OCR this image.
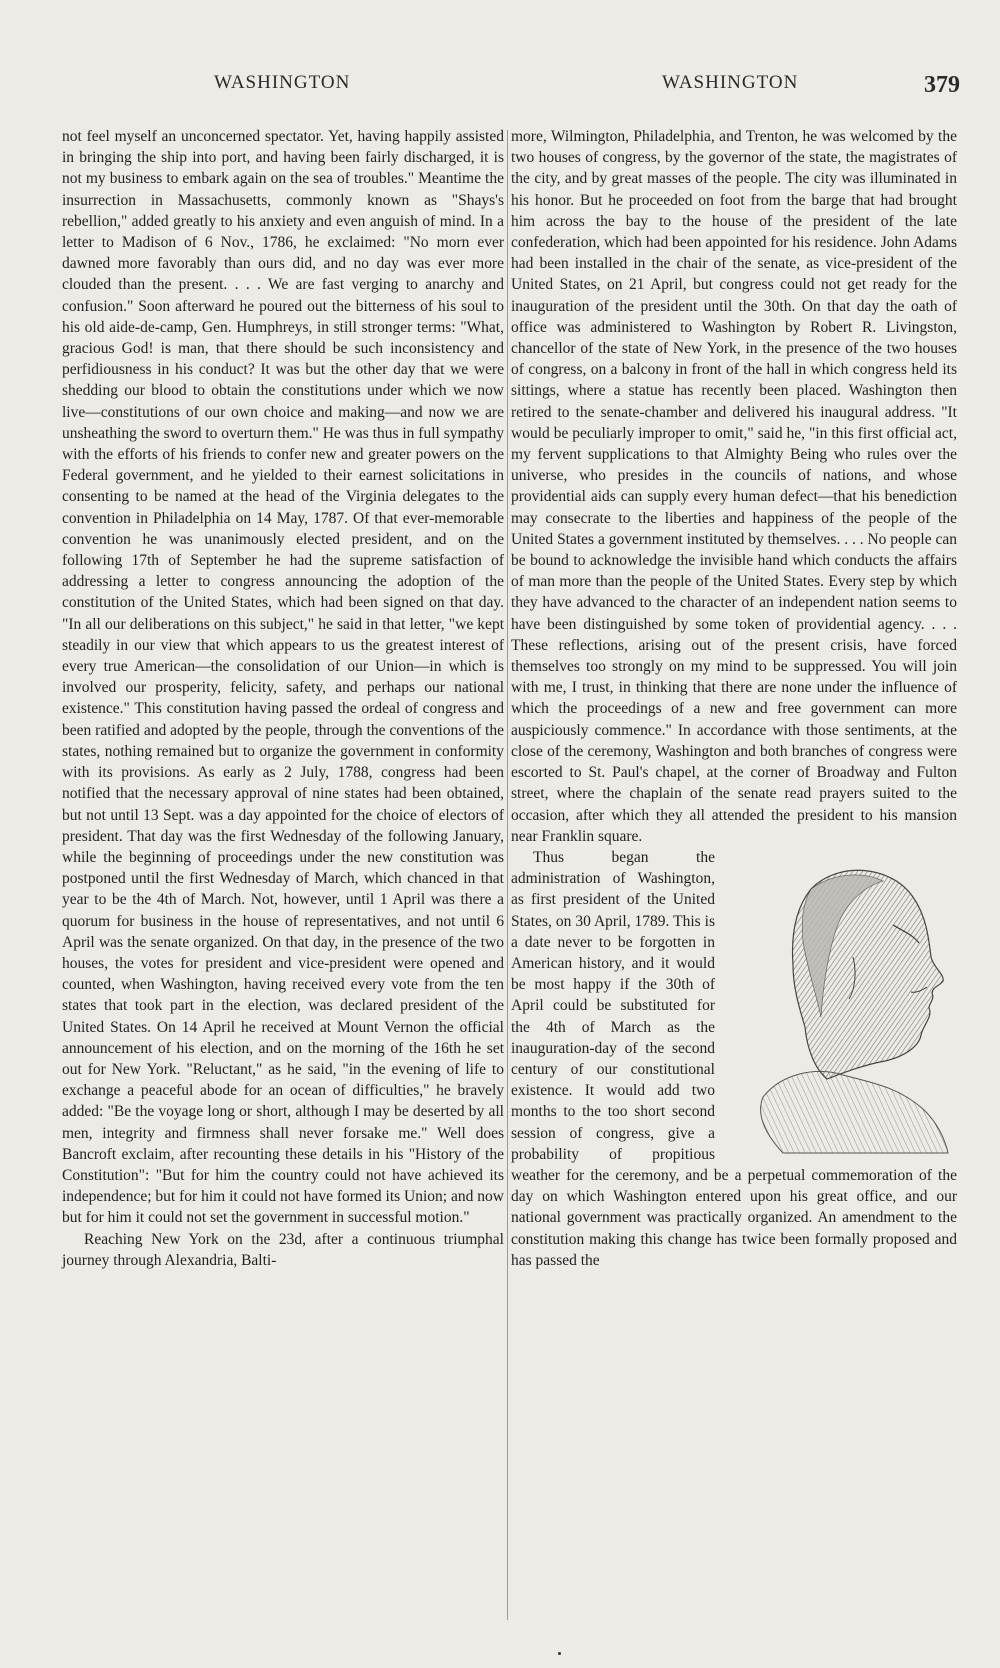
WASHINGTON	WASHINGTON	379

not feel myself an unconcerned spectator. Yet, having happily assisted in bringing the ship into port, and having been fairly discharged, it is not my business to embark again on the sea of troubles." Meantime the insurrection in Massachusetts, commonly known as "Shays's rebellion," added greatly to his anxiety and even anguish of mind. In a letter to Madison of 6 Nov., 1786, he exclaimed: "No morn ever dawned more favorably than ours did, and no day was ever more clouded than the present. . . . We are fast verging to anarchy and confusion." Soon afterward he poured out the bitterness of his soul to his old aide-de-camp, Gen. Humphreys, in still stronger terms: "What, gracious God! is man, that there should be such inconsistency and perfidiousness in his conduct? It was but the other day that we were shedding our blood to obtain the constitutions under which we now live—constitutions of our own choice and making—and now we are unsheathing the sword to overturn them." He was thus in full sympathy with the efforts of his friends to confer new and greater powers on the Federal government, and he yielded to their earnest solicitations in consenting to be named at the head of the Virginia delegates to the convention in Philadelphia on 14 May, 1787. Of that ever-memorable convention he was unanimously elected president, and on the following 17th of September he had the supreme satisfaction of addressing a letter to congress announcing the adoption of the constitution of the United States, which had been signed on that day. "In all our deliberations on this subject," he said in that letter, "we kept steadily in our view that which appears to us the greatest interest of every true American—the consolidation of our Union—in which is involved our prosperity, felicity, safety, and perhaps our national existence." This constitution having passed the ordeal of congress and been ratified and adopted by the people, through the conventions of the states, nothing remained but to organize the government in conformity with its provisions. As early as 2 July, 1788, congress had been notified that the necessary approval of nine states had been obtained, but not until 13 Sept. was a day appointed for the choice of electors of president. That day was the first Wednesday of the following January, while the beginning of proceedings under the new constitution was postponed until the first Wednesday of March, which chanced in that year to be the 4th of March. Not, however, until 1 April was there a quorum for business in the house of representatives, and not until 6 April was the senate organized. On that day, in the presence of the two houses, the votes for president and vice-president were opened and counted, when Washington, having received every vote from the ten states that took part in the election, was declared president of the United States. On 14 April he received at Mount Vernon the official announcement of his election, and on the morning of the 16th he set out for New York. "Reluctant," as he said, "in the evening of life to exchange a peaceful abode for an ocean of difficulties," he bravely added: "Be the voyage long or short, although I may be deserted by all men, integrity and firmness shall never forsake me." Well does Bancroft exclaim, after recounting these details in his "History of the Constitution": "But for him the country could not have achieved its independence; but for him it could not have formed its Union; and now but for him it could not set the government in successful motion."

Reaching New York on the 23d, after a continuous triumphal journey through Alexandria, Balti-

more, Wilmington, Philadelphia, and Trenton, he was welcomed by the two houses of congress, by the governor of the state, the magistrates of the city, and by great masses of the people. The city was illuminated in his honor. But he proceeded on foot from the barge that had brought him across the bay to the house of the president of the late confederation, which had been appointed for his residence. John Adams had been installed in the chair of the senate, as vice-president of the United States, on 21 April, but congress could not get ready for the inauguration of the president until the 30th. On that day the oath of office was administered to Washington by Robert R. Livingston, chancellor of the state of New York, in the presence of the two houses of congress, on a balcony in front of the hall in which congress held its sittings, where a statue has recently been placed. Washington then retired to the senate-chamber and delivered his inaugural address. "It would be peculiarly improper to omit," said he, "in this first official act, my fervent supplications to that Almighty Being who rules over the universe, who presides in the councils of nations, and whose providential aids can supply every human defect—that his benediction may consecrate to the liberties and happiness of the people of the United States a government instituted by themselves. . . . No people can be bound to acknowledge the invisible hand which conducts the affairs of man more than the people of the United States. Every step by which they have advanced to the character of an independent nation seems to have been distinguished by some token of providential agency. . . . These reflections, arising out of the present crisis, have forced themselves too strongly on my mind to be suppressed. You will join with me, I trust, in thinking that there are none under the influence of which the proceedings of a new and free government can more auspiciously commence." In accordance with those sentiments, at the close of the ceremony, Washington and both branches of congress were escorted to St. Paul's chapel, at the corner of Broadway and Fulton street, where the chaplain of the senate read prayers suited to the occasion, after which they all attended the president to his mansion near Franklin square.

Thus began the administration of Washington, as first president of the United States, on 30 April, 1789. This is a date never to be forgotten in American history, and it would be most happy if the 30th of April could be substituted for the 4th of March as the inauguration-day of the second century of our constitutional existence. It would add two months to the too short second session of congress, give a probability of propitious weather for the ceremony, and be a perpetual commemoration of the day on which Washington entered upon his great office, and our national government was practically organized. An amendment to the constitution making this change has twice been formally proposed and has passed the
